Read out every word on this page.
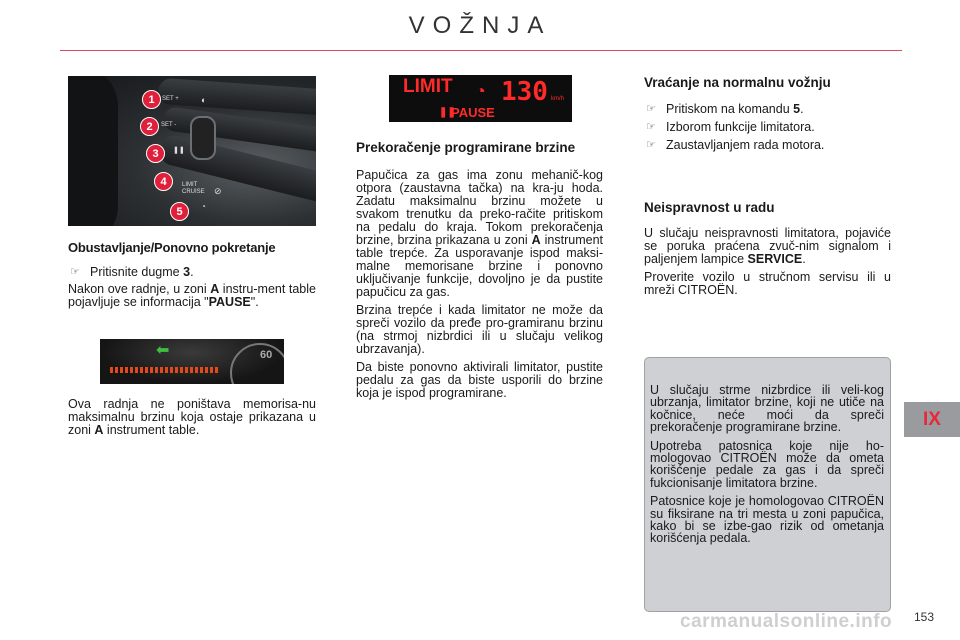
VOŽNJA
SET +
SET -
LIMIT CRUISE
◐
❚❚
⊘
◔
1
2
3
4
5
Obustavljanje/Ponovno pokretanje
☞ Pritisnite dugme 3.

Nakon ove radnje, u zoni A instru-ment table pojavljuje se informacija "PAUSE".

⬅	60

Ova radnja ne poništava memorisa-nu maksimalnu brzinu koja ostaje prikazana u zoni A instrument table.

LIMIT ◔ 130 km/h
❚❚
PAUSE
Prekoračenje programirane brzine

Papučica za gas ima zonu mehanič-kog otpora (zaustavna tačka) na kra-ju hoda. Zadatu maksimalnu brzinu možete u svakom trenutku da preko-račite pritiskom na pedalu do kraja. Tokom prekoračenja brzine, brzina prikazana u zoni A instrument table trepće. Za usporavanje ispod maksi-malne memorisane brzine i ponovno uključivanje funkcije, dovoljno je da pustite papučicu za gas.

Brzina trepće i kada limitator ne može da spreči vozilo da pređe pro-gramiranu brzinu (na strmoj nizbrdici ili u slučaju velikog ubrzavanja).

Da biste ponovno aktivirali limitator, pustite pedalu za gas da biste usporili do brzine koja je ispod programirane.

Vraćanje na normalnu vožnju
☞ Pritiskom na komandu 5.
☞ Izborom funkcije limitatora.
☞ Zaustavljanjem rada motora.
Neispravnost u radu

U slučaju neispravnosti limitatora, pojaviće se poruka praćena zvuč-nim signalom i paljenjem lampice SERVICE.

Proverite vozilo u stručnom servisu ili u mreži CITROËN.

U slučaju strme nizbrdice ili veli-kog ubrzanja, limitator brzine, koji ne utiče na kočnice, neće moći da spreči prekoračenje programirane brzine.

Upotreba patosnica koje nije ho-mologovao CITROËN može da ometa korišćenje pedale za gas i da spreči fukcionisanje limitatora brzine.

Patosnice koje je homologovao CITROËN su fiksirane na tri mesta u zoni papučica, kako bi se izbe-gao rizik od ometanja korišćenja pedala.

IX
carmanualsonline.info 153
